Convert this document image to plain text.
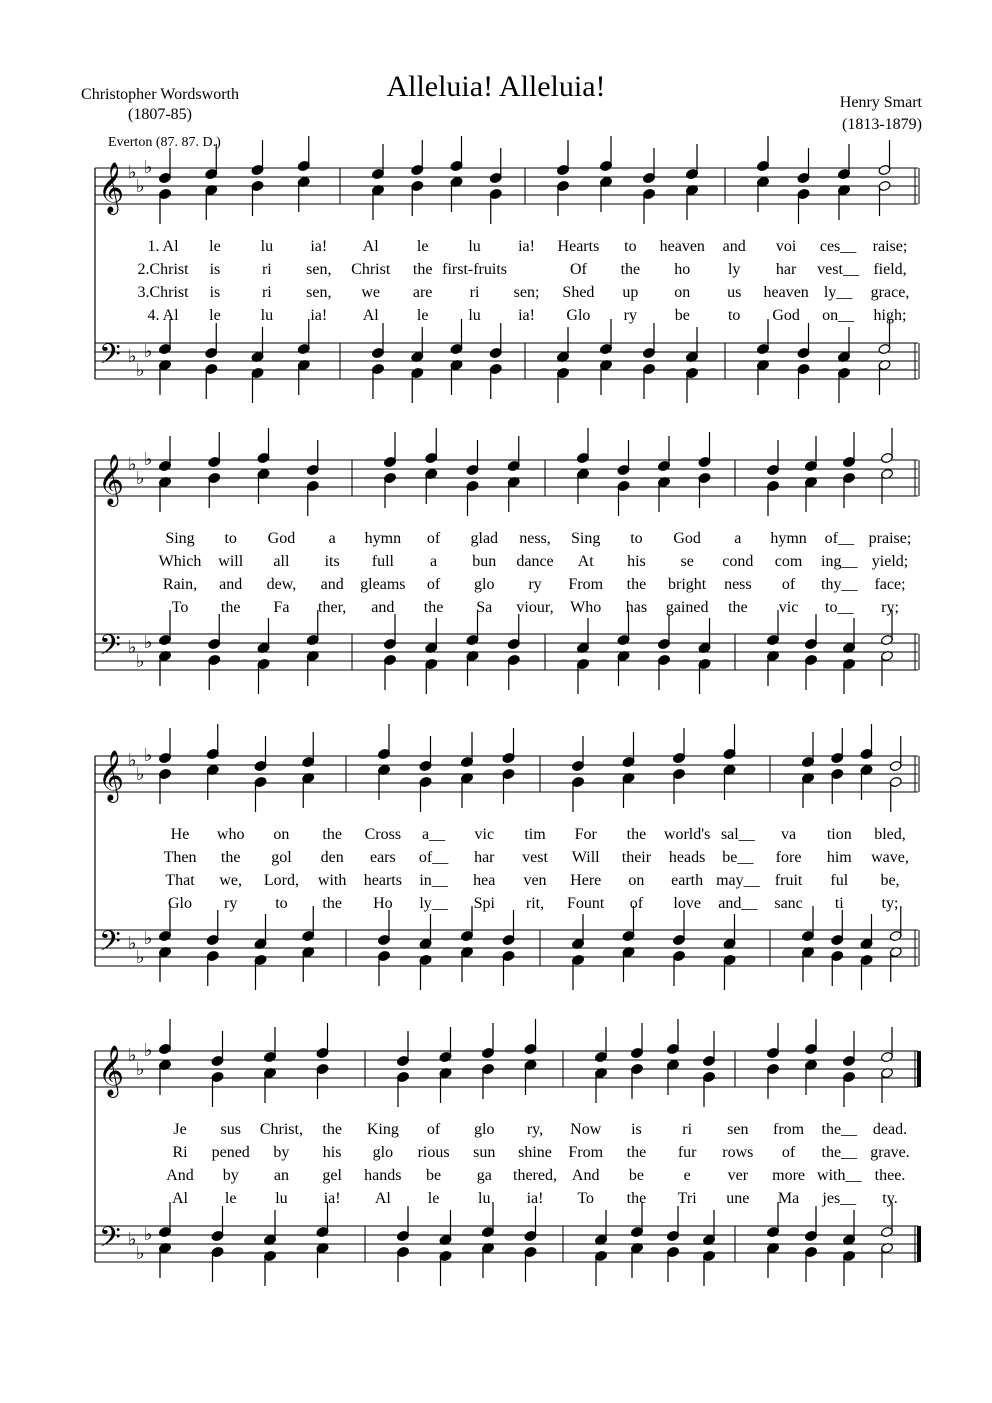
Alleluia! Alleluia!
Christopher Wordsworth
(1807-85)
Henry Smart
(1813-1879)
Everton (87. 87. D.)
𝄞
𝄢
♭
♭
♭
♭
♭
♭
𝄞
𝄢
♭
♭
♭
♭
♭
♭
𝄞
𝄢
♭
♭
♭
♭
♭
♭
𝄞
𝄢
♭
♭
♭
♭
♭
♭
1. Al le lu ia! Al le lu ia! Hearts to heaven and voi ces__ raise;
2.Christ is	ri sen, Christ the first-fruits	Of the ho ly har vest__ field,
3.Christ is	ri sen, we are ri sen; Shed up on us heaven ly__ grace,
4. Al le lu ia! Al le lu ia! Glo ry be to God on__ high;
Sing to God a hymn of glad ness, Sing to God a hymn of__ praise;
Which will all its full a bun dance At his se cond com ing__ yield;
Rain, and dew, and gleams of glo ry From the bright ness of thy__ face;
To the Fa ther, and the Sa viour, Who has gained the vic to__ ry;
He who on the Cross a__ vic tim For the world's sal__ va tion bled,
Then the gol den ears of__ har vest Will their heads be__ fore him wave,
That we, Lord, with hearts in__ hea ven Here on earth may__ fruit ful be,
Glo ry to the Ho ly__ Spi rit, Fount of love and__ sanc ti ty;
Je sus Christ, the King of glo ry, Now is	ri sen from the__ dead.
Ri pened by his glo rious sun shine From the fur rows of the__ grave.
And by an gel hands be ga thered, And be e ver more with__ thee.
Al le lu ia! Al le lu ia! To the Tri une Ma jes__ ty.
